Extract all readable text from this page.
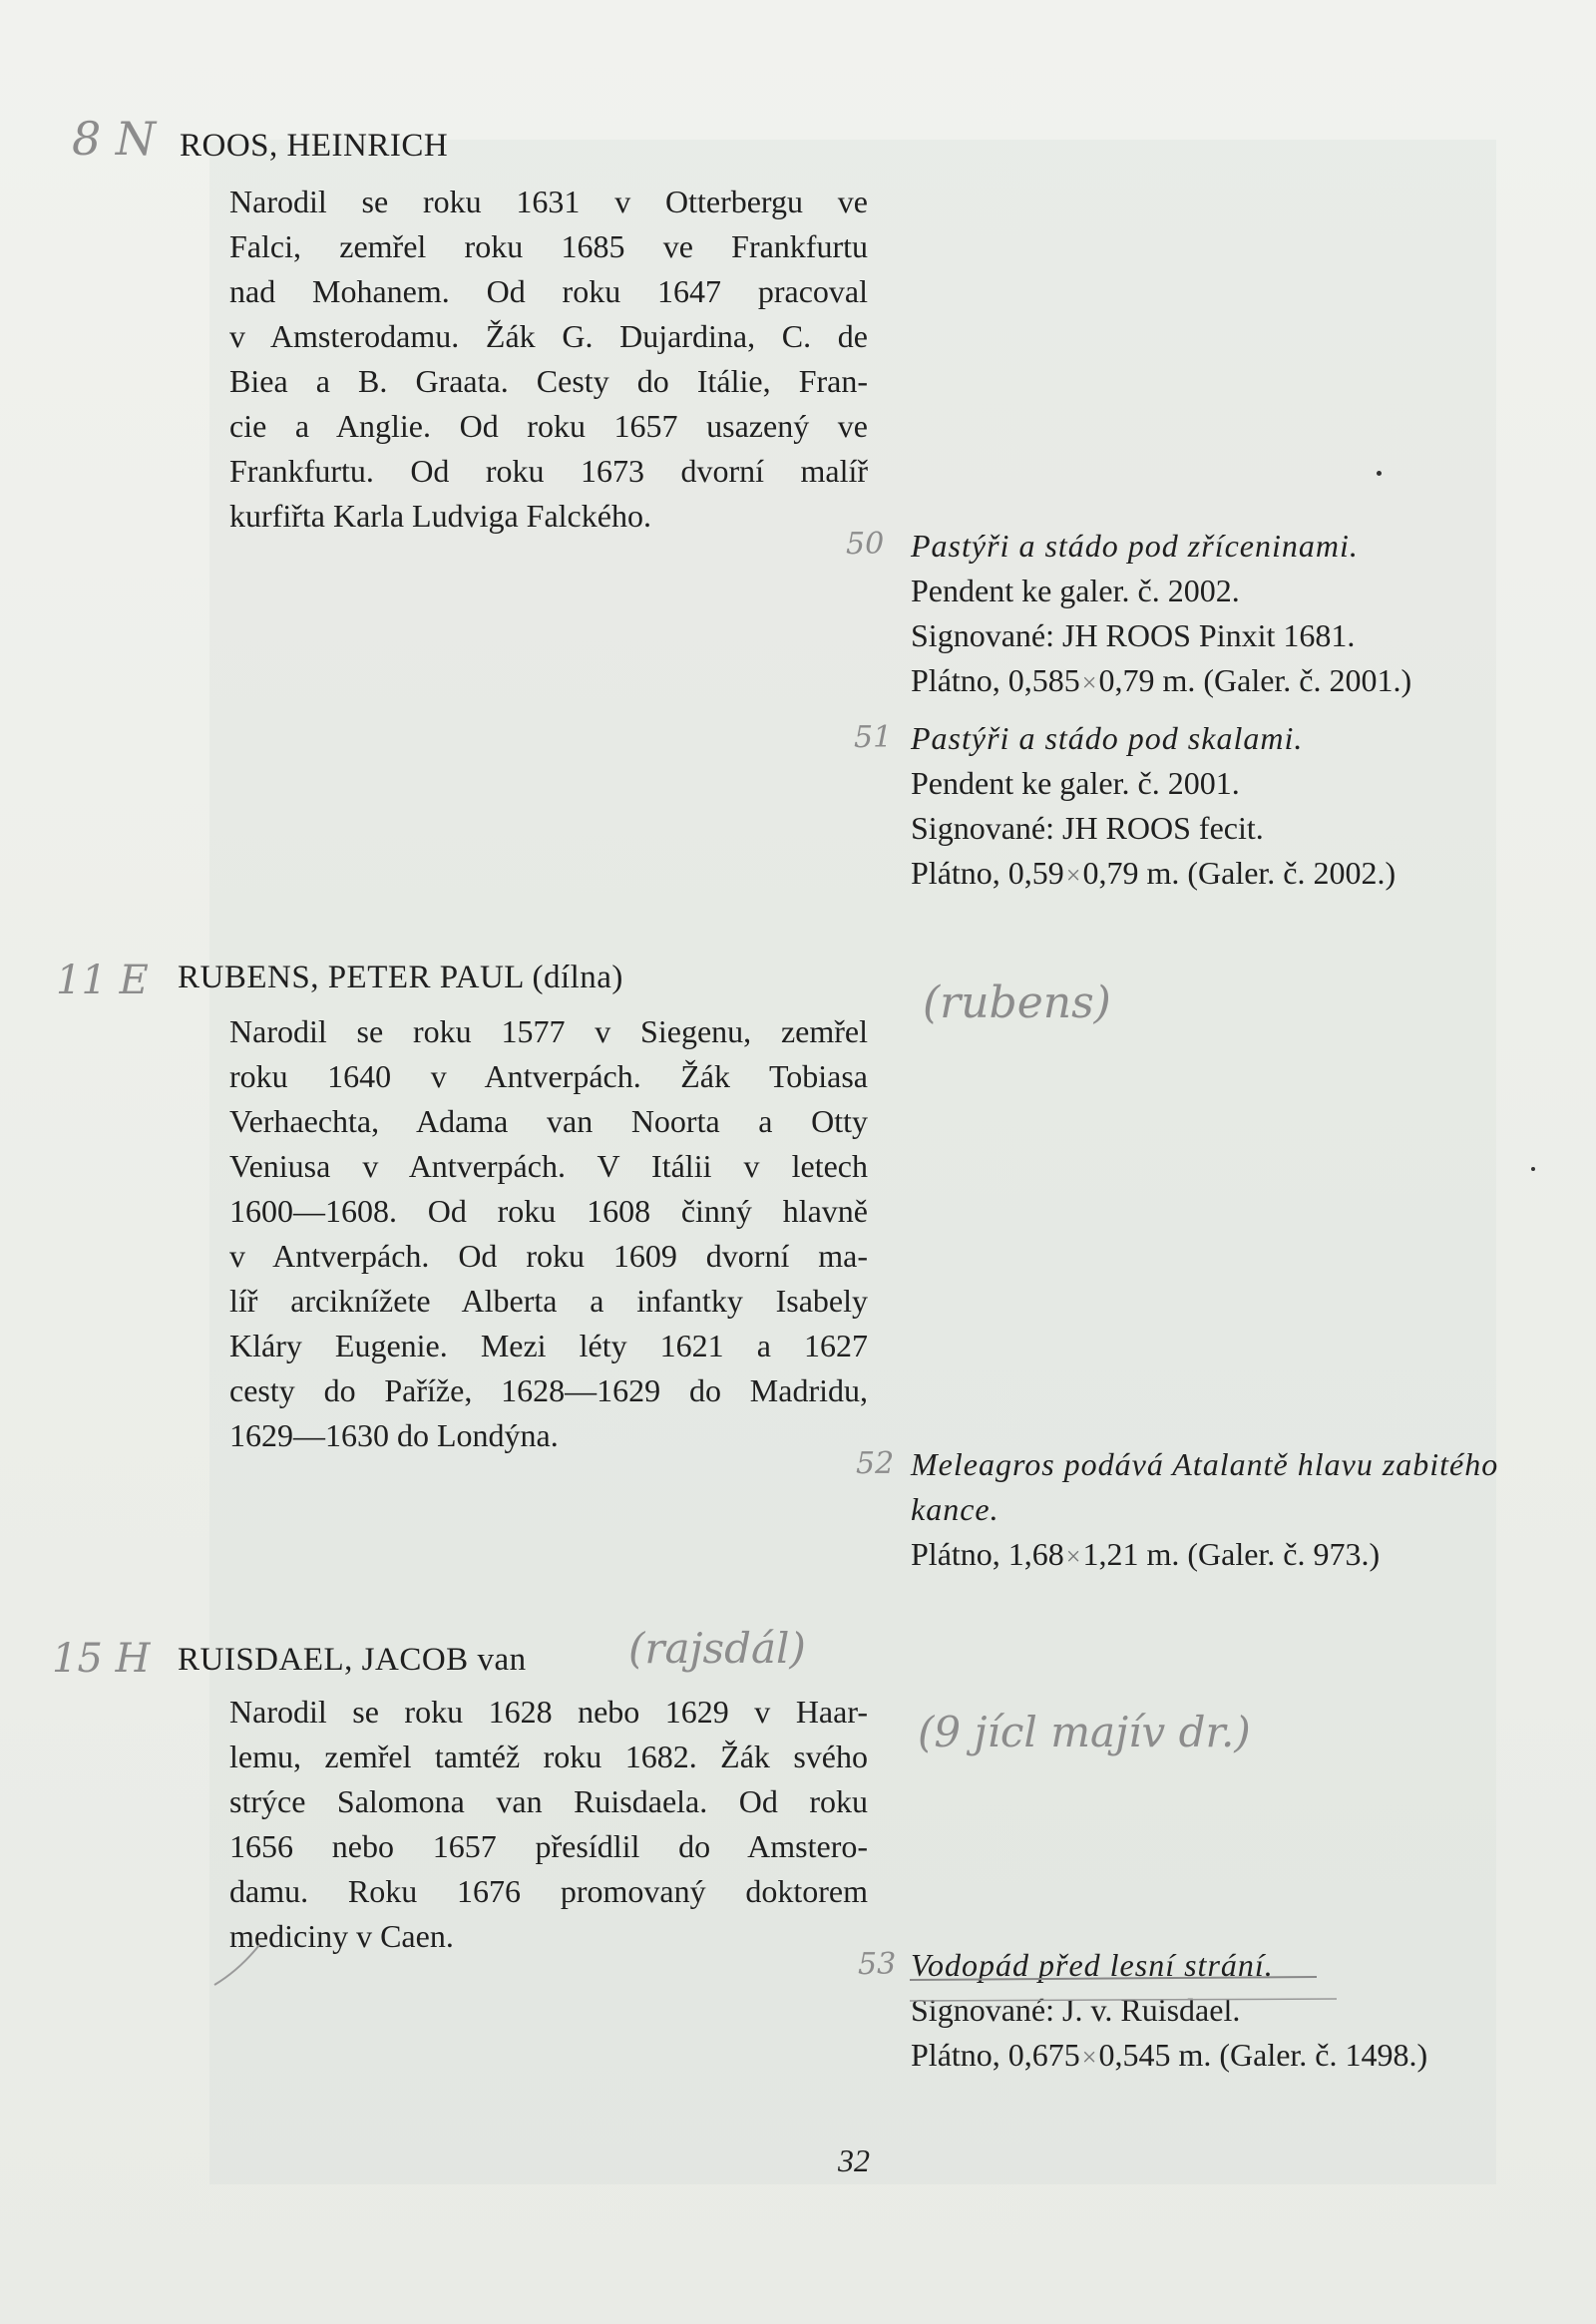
8 N ROOS, HEINRICH
Narodil se roku 1631 v Otterbergu ve
Falci, zemřel roku 1685 ve Frankfurtu
nad Mohanem. Od roku 1647 pracoval
v Amsterodamu. Žák G. Dujardina, C. de
Biea a B. Graata. Cesty do Itálie, Fran-
cie a Anglie. Od roku 1657 usazený ve
Frankfurtu. Od roku 1673 dvorní malíř
kurfiřta Karla Ludviga Falckého.
50 Pastýři a stádo pod zříceninami.
Pendent ke galer. č. 2002.
Signované: JH ROOS Pinxit 1681.
Plátno, 0,585×0,79 m. (Galer. č. 2001.)
51 Pastýři a stádo pod skalami.
Pendent ke galer. č. 2001.
Signované: JH ROOS fecit.
Plátno, 0,59×0,79 m. (Galer. č. 2002.)
11 E RUBENS, PETER PAUL (dílna)	(rubens)
Narodil se roku 1577 v Siegenu, zemřel
roku 1640 v Antverpách. Žák Tobiasa
Verhaechta, Adama van Noorta a Otty
Veniusa v Antverpách. V Itálii v letech
1600—1608. Od roku 1608 činný hlavně
v Antverpách. Od roku 1609 dvorní ma-
líř arciknížete Alberta a infantky Isabely
Kláry Eugenie. Mezi léty 1621 a 1627
cesty do Paříže, 1628—1629 do Madridu,
1629—1630 do Londýna.
52 Meleagros podává Atalantě hlavu zabitého
kance.
Plátno, 1,68×1,21 m. (Galer. č. 973.)
15 H RUISDAEL, JACOB van (rajsdál)
(9 jícl majív dr.)
Narodil se roku 1628 nebo 1629 v Haar-
lemu, zemřel tamtéž roku 1682. Žák svého
strýce Salomona van Ruisdaela. Od roku
1656 nebo 1657 přesídlil do Amstero-
damu. Roku 1676 promovaný doktorem
mediciny v Caen.
53 Vodopád před lesní strání.
Signované: J. v. Ruisdael.
Plátno, 0,675×0,545 m. (Galer. č. 1498.)
32
